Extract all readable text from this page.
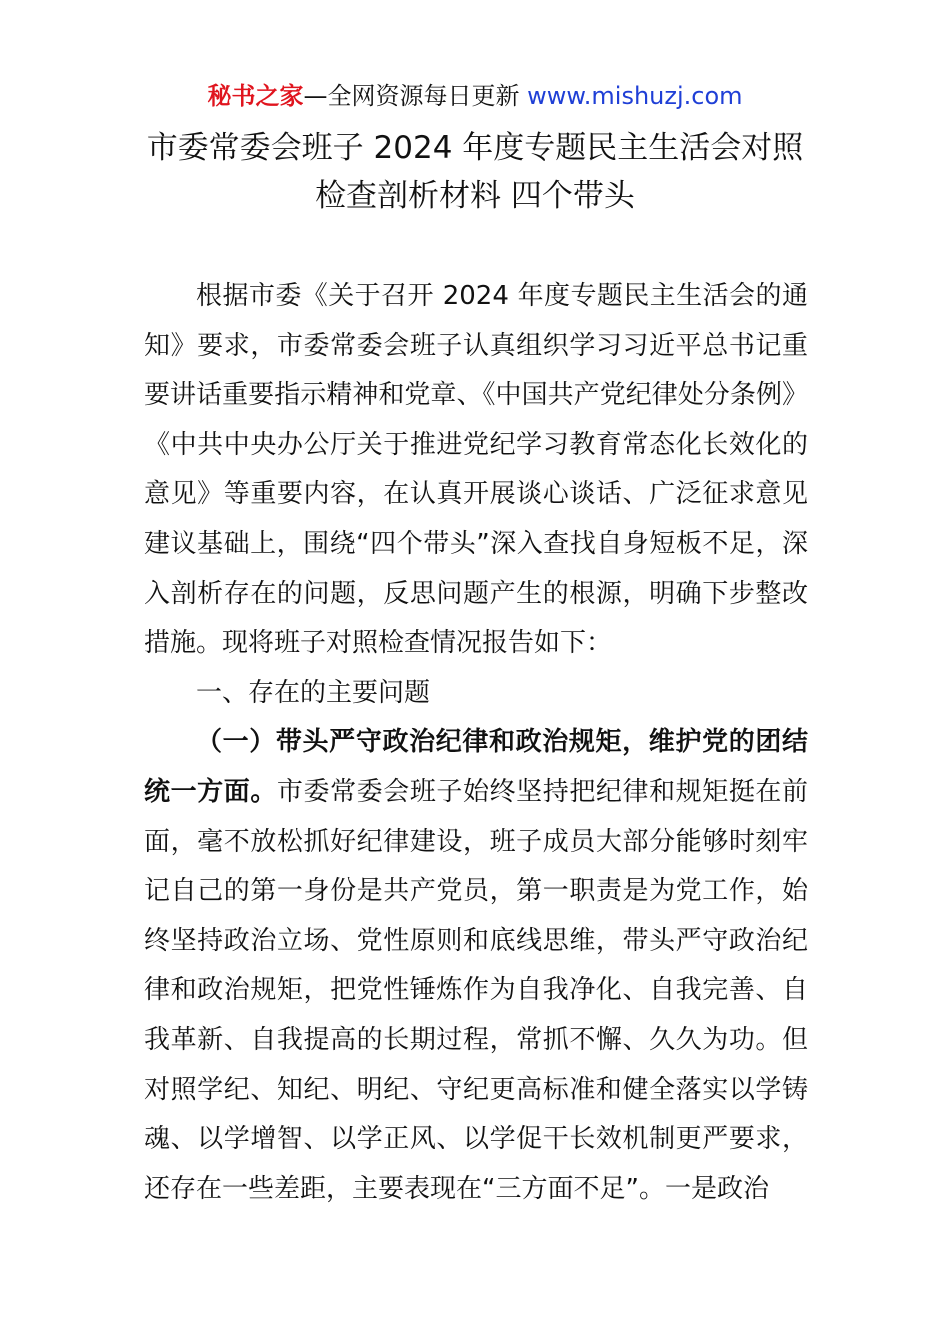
秘书之家—全网资源每日更新 www.mishuzj.com
市委常委会班子 2024 年度专题民主生活会对照
检查剖析材料 四个带头

根据市委《关于召开 2024 年度专题民主生活会的通知》要求，市委常委会班子认真组织学习习近平总书记重要讲话重要指示精神和党章、《中国共产党纪律处分条例》《中共中央办公厅关于推进党纪学习教育常态化长效化的意见》等重要内容，在认真开展谈心谈话、广泛征求意见建议基础上，围绕“四个带头”深入查找自身短板不足，深入剖析存在的问题，反思问题产生的根源，明确下步整改措施。现将班子对照检查情况报告如下：

一、存在的主要问题

（一）带头严守政治纪律和政治规矩，维护党的团结统一方面。市委常委会班子始终坚持把纪律和规矩挺在前面，毫不放松抓好纪律建设，班子成员大部分能够时刻牢记自己的第一身份是共产党员，第一职责是为党工作，始终坚持政治立场、党性原则和底线思维，带头严守政治纪律和政治规矩，把党性锤炼作为自我净化、自我完善、自我革新、自我提高的长期过程，常抓不懈、久久为功。但对照学纪、知纪、明纪、守纪更高标准和健全落实以学铸魂、以学增智、以学正风、以学促干长效机制更严要求，还存在一些差距，主要表现在“三方面不足”。一是政治
